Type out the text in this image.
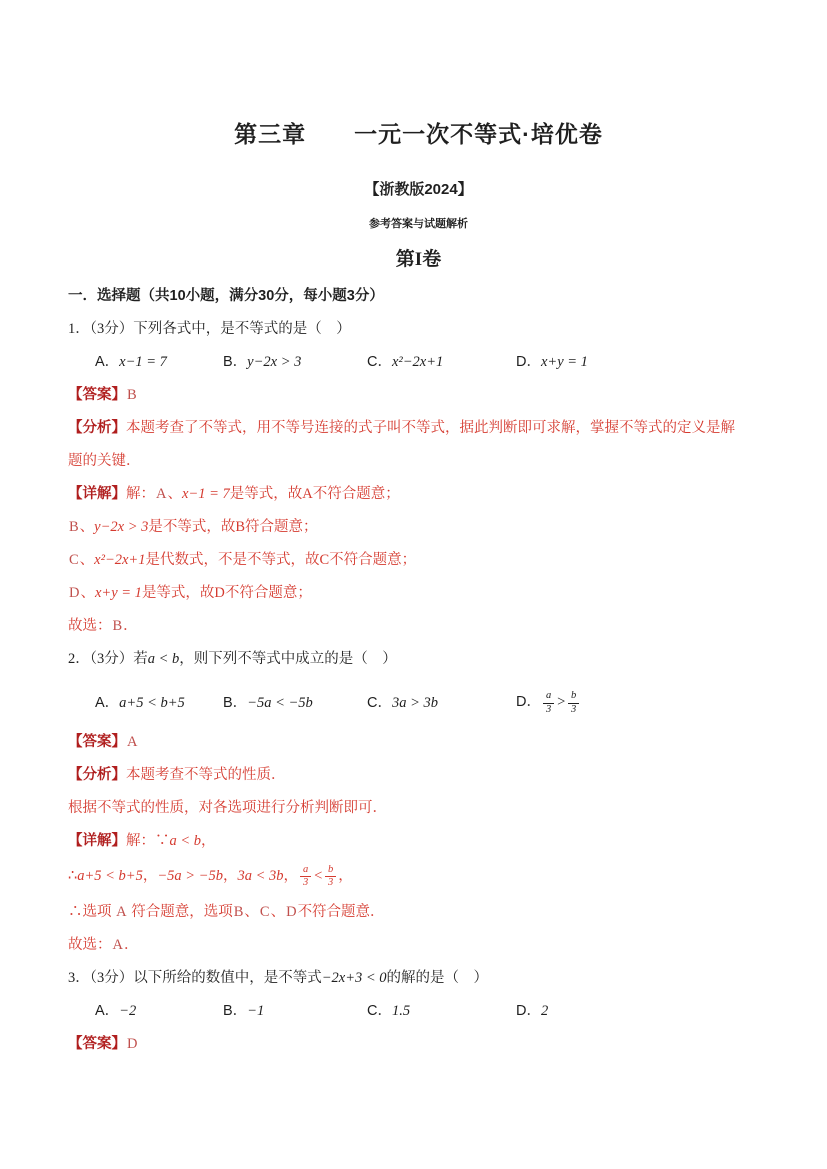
第三章　　一元一次不等式·培优卷
【浙教版2024】
参考答案与试题解析
第I卷
一．选择题（共10小题，满分30分，每小题3分）
1．（3分）下列各式中，是不等式的是（　）
A．x−1 = 7	B．y−2x > 3	C．x²−2x+1	D．x+y = 1
【答案】B
【分析】本题考查了不等式，用不等号连接的式子叫不等式，据此判断即可求解，掌握不等式的定义是解
题的关键．
【详解】解：A、x−1 = 7是等式，故A不符合题意；
B、y−2x > 3是不等式，故B符合题意；
C、x²−2x+1是代数式，不是不等式，故C不符合题意；
D、x+y = 1是等式，故D不符合题意；
故选：B．
2．（3分）若a < b，则下列不等式中成立的是（　）
A．a+5 < b+5	B．−5a < −5b	C．3a > 3b	D． $\frac{a}{3} > \frac{b}{3}$
【答案】A
【分析】本题考查不等式的性质．
根据不等式的性质，对各选项进行分析判断即可．
【详解】解：∵a < b，
∴a+5 < b+5，−5a > −5b，3a < 3b， $\frac{a}{3} < \frac{b}{3}$ ，
∴选项 A 符合题意，选项B、C、D不符合题意．
故选：A．
3．（3分）以下所给的数值中，是不等式−2x+3 < 0的解的是（　）
A．−2	B．−1	C．1.5	D．2
【答案】D
